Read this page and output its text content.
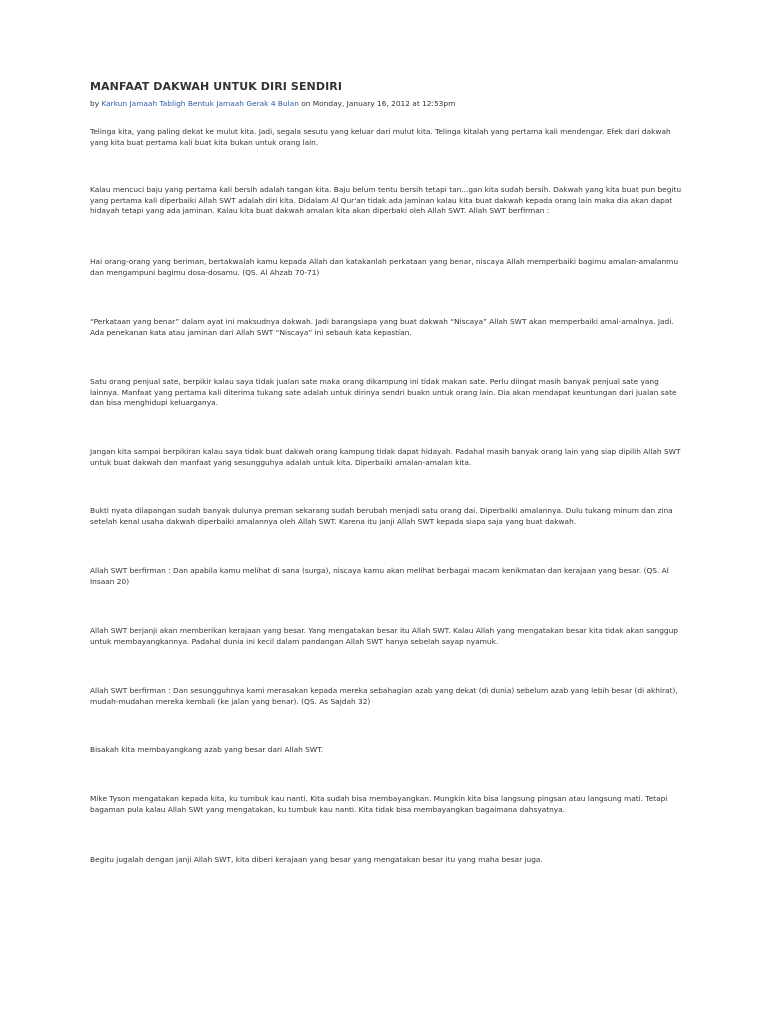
MANFAAT DAKWAH UNTUK DIRI SENDIRI
by Karkun Jamaah Tabligh Bentuk Jamaah Gerak 4 Bulan on Monday, January 16, 2012 at 12:53pm

Telinga kita, yang paling dekat ke mulut kita. Jadi, segala sesutu yang keluar dari mulut kita. Telinga kitalah yang pertama kali mendengar. Efek dari dakwah yang kita buat pertama kali buat kita bukan untuk orang lain.

Kalau mencuci baju yang pertama kali bersih adalah tangan kita. Baju belum tentu bersih tetapi tan...gan kita sudah bersih. Dakwah yang kita buat pun begitu yang pertama kali diperbaiki Allah SWT adalah diri kita. Didalam Al Qur'an tidak ada jaminan kalau kita buat dakwah kepada orang lain maka dia akan dapat hidayah tetapi yang ada jaminan. Kalau kita buat dakwah amalan kita akan diperbaki oleh Allah SWT. Allah SWT berfirman :

Hai orang-orang yang beriman, bertakwalah kamu kepada Allah dan katakanlah perkataan yang benar, niscaya Allah memperbaiki bagimu amalan-amalanmu dan mengampuni bagimu dosa-dosamu. (QS. Al Ahzab 70-71)

“Perkataan yang benar” dalam ayat ini maksudnya dakwah. Jadi barangsiapa yang buat dakwah “Niscaya” Allah SWT akan memperbaiki amal-amalnya. Jadi. Ada penekanan kata atau jaminan dari Allah SWT “Niscaya” ini sebauh kata kepastian.

Satu orang penjual sate, berpikir kalau saya tidak jualan sate maka orang dikampung ini tidak makan sate. Perlu diingat masih banyak penjual sate yang lainnya. Manfaat yang pertama kali diterima tukang sate adalah untuk dirinya sendri buakn untuk orang lain. Dia akan mendapat keuntungan dari jualan sate dan bisa menghidupi keluarganya.

Jangan kita sampai berpikiran kalau saya tidak buat dakwah orang kampung tidak dapat hidayah. Padahal masih banyak orang lain yang siap dipilih Allah SWT untuk buat dakwah dan manfaat yang sesungguhya adalah untuk kita. Diperbaiki amalan-amalan kita.

Bukti nyata dilapangan sudah banyak dulunya preman sekarang sudah berubah menjadi satu orang dai. Diperbaiki amalannya. Dulu tukang minum dan zina setelah kenal usaha dakwah diperbaiki amalannya oleh Allah SWT. Karena itu janji Allah SWT kepada siapa saja yang buat dakwah.

Allah SWT berfirman : Dan apabila kamu melihat di sana (surga), niscaya kamu akan melihat berbagai macam kenikmatan dan kerajaan yang besar. (QS. Al Insaan 20)

Allah SWT berjanji akan memberikan kerajaan yang besar. Yang mengatakan besar itu Allah SWT. Kalau Allah yang mengatakan besar kita tidak akan sanggup untuk membayangkannya. Padahal dunia ini kecil dalam pandangan Allah SWT hanya sebelah sayap nyamuk.

Allah SWT berfirman : Dan sesungguhnya kami merasakan kepada mereka sebahagian azab yang dekat (di dunia) sebelum azab yang lebih besar (di akhirat), mudah-mudahan mereka kembali (ke jalan yang benar). (QS. As Sajdah 32)

Bisakah kita membayangkang azab yang besar dari Allah SWT.

Mike Tyson mengatakan kepada kita, ku tumbuk kau nanti. Kita sudah bisa membayangkan. Mungkin kita bisa langsung pingsan atau langsung mati. Tetapi bagaman pula kalau Allah SWt yang mengatakan, ku tumbuk kau nanti. Kita tidak bisa membayangkan bagaimana dahsyatnya.

Begitu jugalah dengan janji Allah SWT, kita diberi kerajaan yang besar yang mengatakan besar itu yang maha besar juga.
